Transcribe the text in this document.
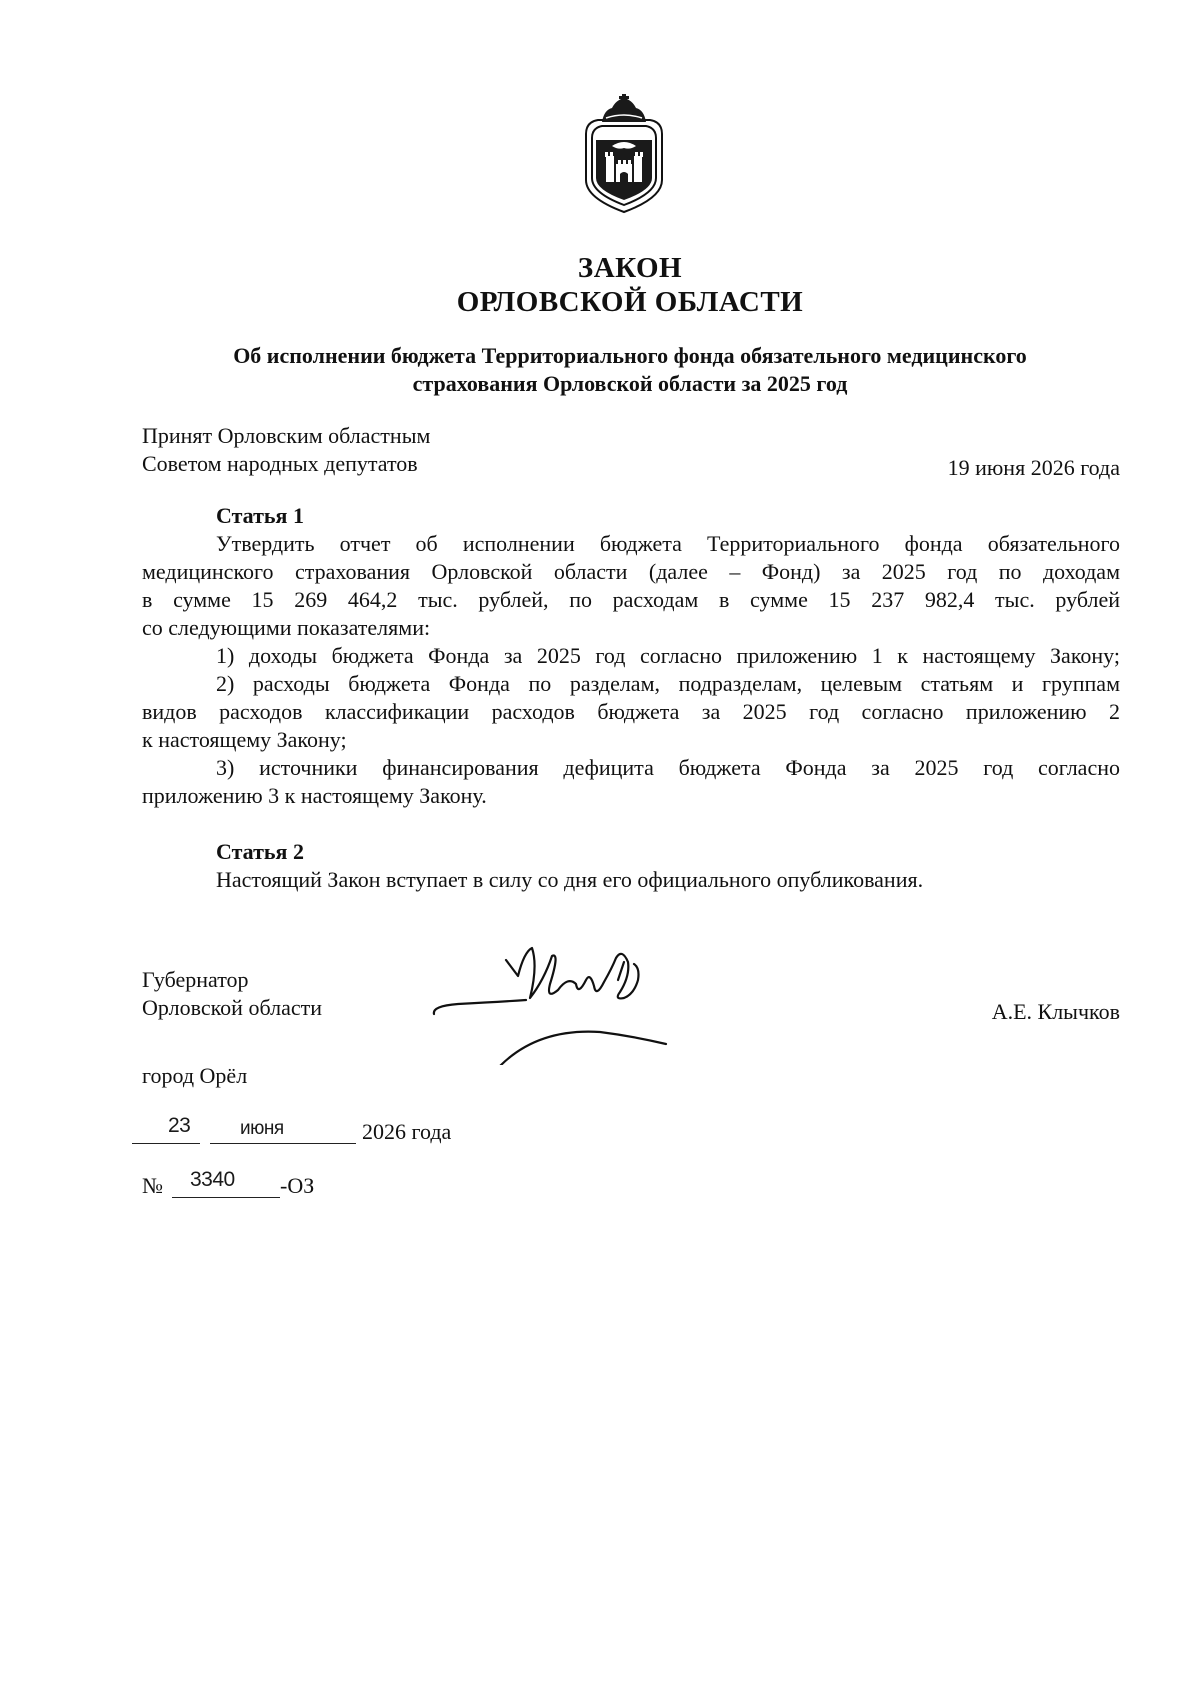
ЗАКОН
ОРЛОВСКОЙ ОБЛАСТИ
Об исполнении бюджета Территориального фонда обязательного медицинского
страхования Орловской области за 2025 год
Принят Орловским областным
Советом народных депутатов	19 июня 2026 года
Статья 1
Утвердить отчет об исполнении бюджета Территориального фонда обязательного
медицинского страхования Орловской области (далее – Фонд) за 2025 год по доходам
в сумме 15 269 464,2 тыс. рублей, по расходам в сумме 15 237 982,4 тыс. рублей
со следующими показателями:
1) доходы бюджета Фонда за 2025 год согласно приложению 1 к настоящему Закону;
2) расходы бюджета Фонда по разделам, подразделам, целевым статьям и группам
видов расходов классификации расходов бюджета за 2025 год согласно приложению 2
к настоящему Закону;
3) источники финансирования дефицита бюджета Фонда за 2025 год согласно
приложению 3 к настоящему Закону.
Статья 2
Настоящий Закон вступает в силу со дня его официального опубликования.
Губернатор
Орловской области	А.Е. Клычков
город Орёл
23	июня	2026 года
№ 3340 -ОЗ
